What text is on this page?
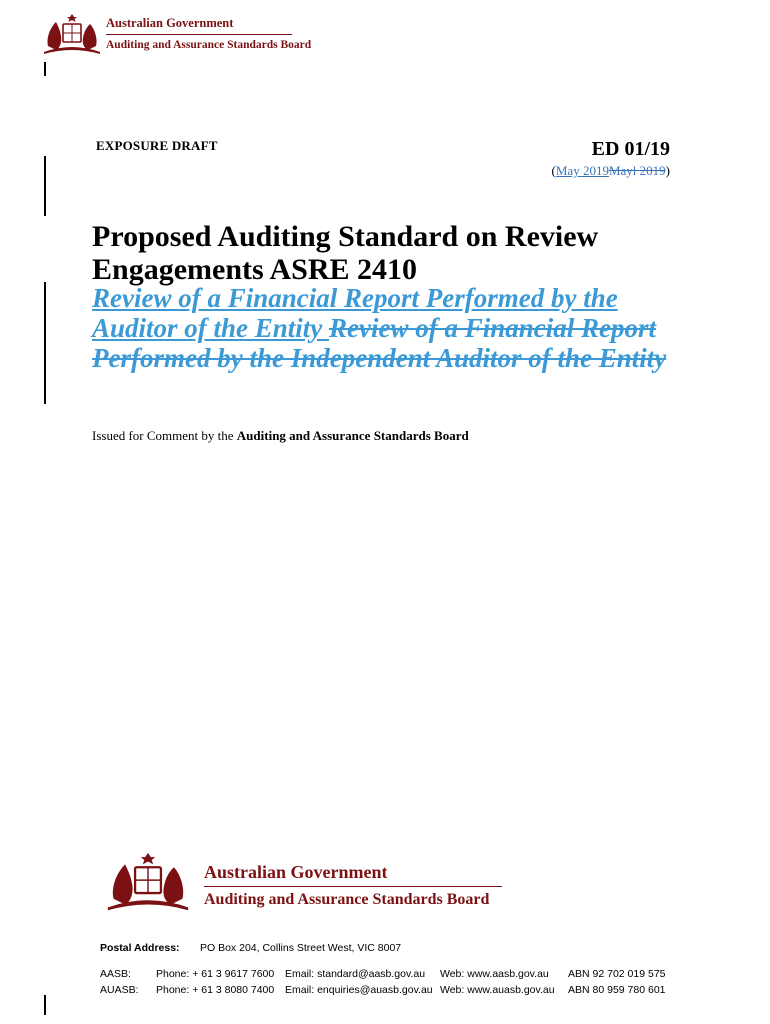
Australian Government
Auditing and Assurance Standards Board
EXPOSURE DRAFT	ED 01/19
(May 2019Mayl 2019)
Proposed Auditing Standard on Review
Engagements ASRE 2410
Review of a Financial Report Performed by the Auditor of the Entity Review of a Financial Report Performed by the Independent Auditor of the Entity
Issued for Comment by the Auditing and Assurance Standards Board
Australian Government
Auditing and Assurance Standards Board
Postal Address: PO Box 204, Collins Street West, VIC 8007
AASB: Phone: + 61 3 9617 7600 Email: standard@aasb.gov.au Web: www.aasb.gov.au ABN 92 702 019 575
AUASB: Phone: + 61 3 8080 7400 Email: enquiries@auasb.gov.au Web: www.auasb.gov.au ABN 80 959 780 601
